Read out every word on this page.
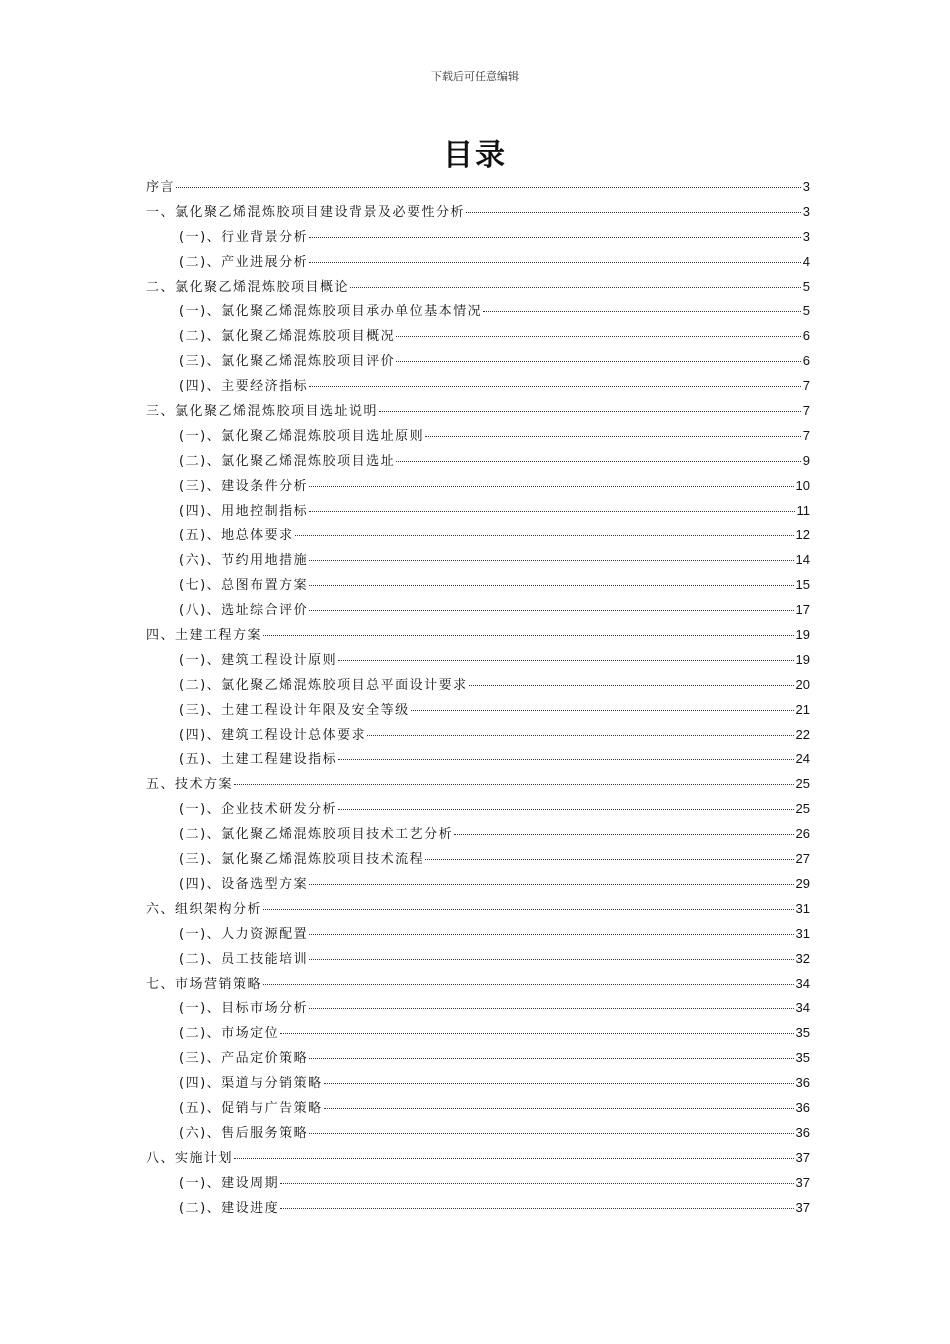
下载后可任意编辑
目录
序言	3
一、氯化聚乙烯混炼胶项目建设背景及必要性分析	3
(一)、行业背景分析	3
(二)、产业进展分析	4
二、氯化聚乙烯混炼胶项目概论	5
(一)、氯化聚乙烯混炼胶项目承办单位基本情况	5
(二)、氯化聚乙烯混炼胶项目概况	6
(三)、氯化聚乙烯混炼胶项目评价	6
(四)、主要经济指标	7
三、氯化聚乙烯混炼胶项目选址说明	7
(一)、氯化聚乙烯混炼胶项目选址原则	7
(二)、氯化聚乙烯混炼胶项目选址	9
(三)、建设条件分析	10
(四)、用地控制指标	11
(五)、地总体要求	12
(六)、节约用地措施	14
(七)、总图布置方案	15
(八)、选址综合评价	17
四、土建工程方案	19
(一)、建筑工程设计原则	19
(二)、氯化聚乙烯混炼胶项目总平面设计要求	20
(三)、土建工程设计年限及安全等级	21
(四)、建筑工程设计总体要求	22
(五)、土建工程建设指标	24
五、技术方案	25
(一)、企业技术研发分析	25
(二)、氯化聚乙烯混炼胶项目技术工艺分析	26
(三)、氯化聚乙烯混炼胶项目技术流程	27
(四)、设备选型方案	29
六、组织架构分析	31
(一)、人力资源配置	31
(二)、员工技能培训	32
七、市场营销策略	34
(一)、目标市场分析	34
(二)、市场定位	35
(三)、产品定价策略	35
(四)、渠道与分销策略	36
(五)、促销与广告策略	36
(六)、售后服务策略	36
八、实施计划	37
(一)、建设周期	37
(二)、建设进度	37
